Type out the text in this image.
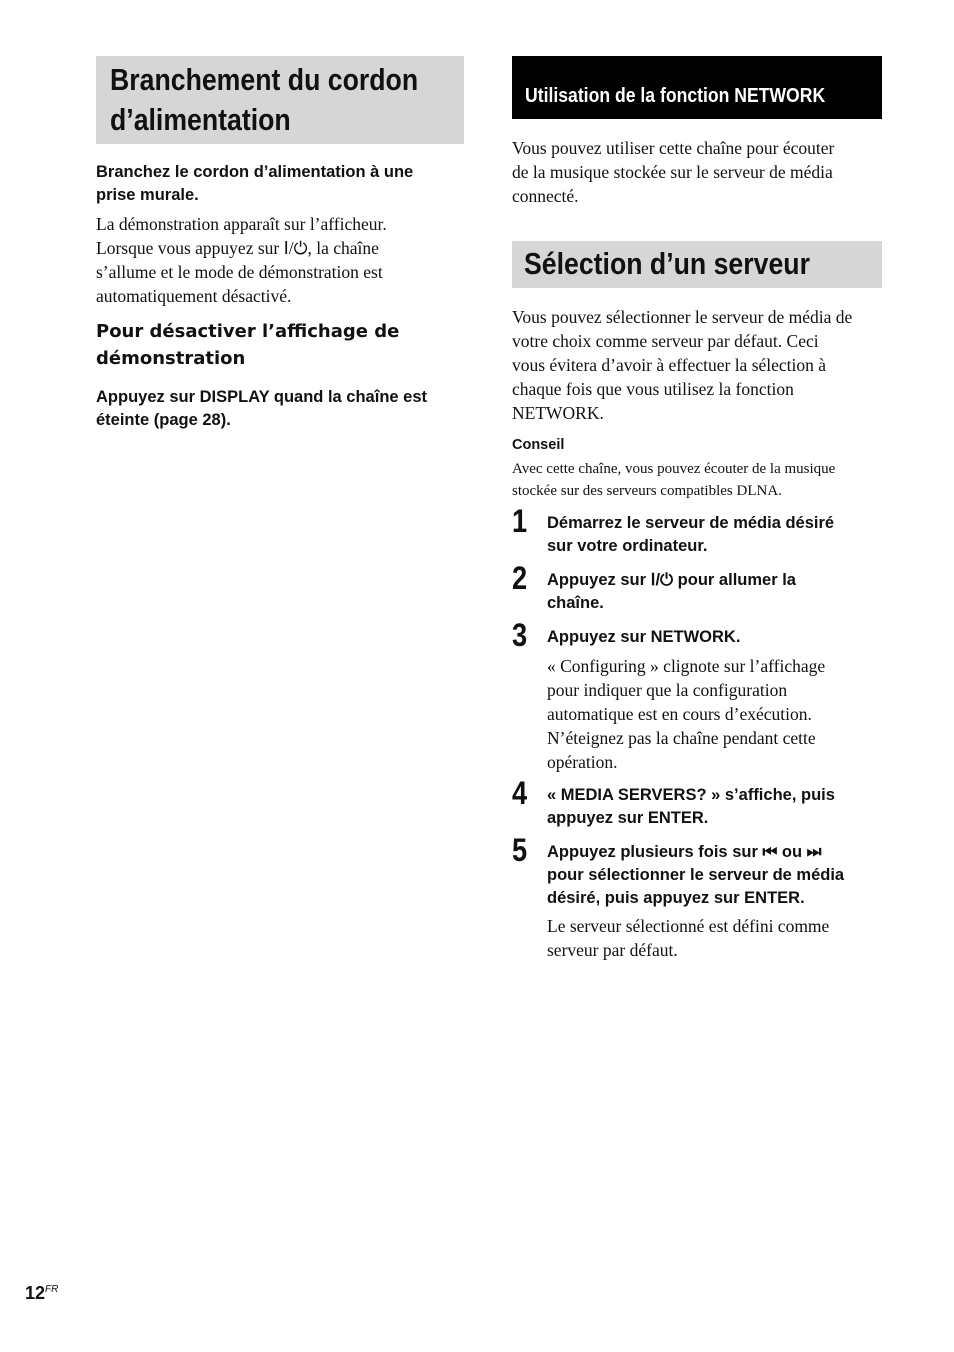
Branchement du cordon
d’alimentation
Branchez le cordon d’alimentation à une
prise murale.
La démonstration apparaît sur l’afficheur.
Lorsque vous appuyez sur Ⅰ/⏻, la chaîne
s’allume et le mode de démonstration est
automatiquement désactivé.
Pour désactiver l’affichage de
démonstration
Appuyez sur DISPLAY quand la chaîne est
éteinte (page 28).
Utilisation de la fonction NETWORK
Vous pouvez utiliser cette chaîne pour écouter
de la musique stockée sur le serveur de média
connecté.
Sélection d’un serveur
Vous pouvez sélectionner le serveur de média de
votre choix comme serveur par défaut. Ceci
vous évitera d’avoir à effectuer la sélection à
chaque fois que vous utilisez la fonction
NETWORK.
Conseil
Avec cette chaîne, vous pouvez écouter de la musique
stockée sur des serveurs compatibles DLNA.
1	Démarrez le serveur de média désiré
sur votre ordinateur.
2	Appuyez sur Ⅰ/⏻ pour allumer la
chaîne.
3	Appuyez sur NETWORK.
« Configuring » clignote sur l’affichage
pour indiquer que la configuration
automatique est en cours d’exécution.
N’éteignez pas la chaîne pendant cette
opération.
4	« MEDIA SERVERS? » s’affiche, puis
appuyez sur ENTER.
5	Appuyez plusieurs fois sur ⏮ ou ⏭
pour sélectionner le serveur de média
désiré, puis appuyez sur ENTER.
Le serveur sélectionné est défini comme
serveur par défaut.
$12^{FR}$
